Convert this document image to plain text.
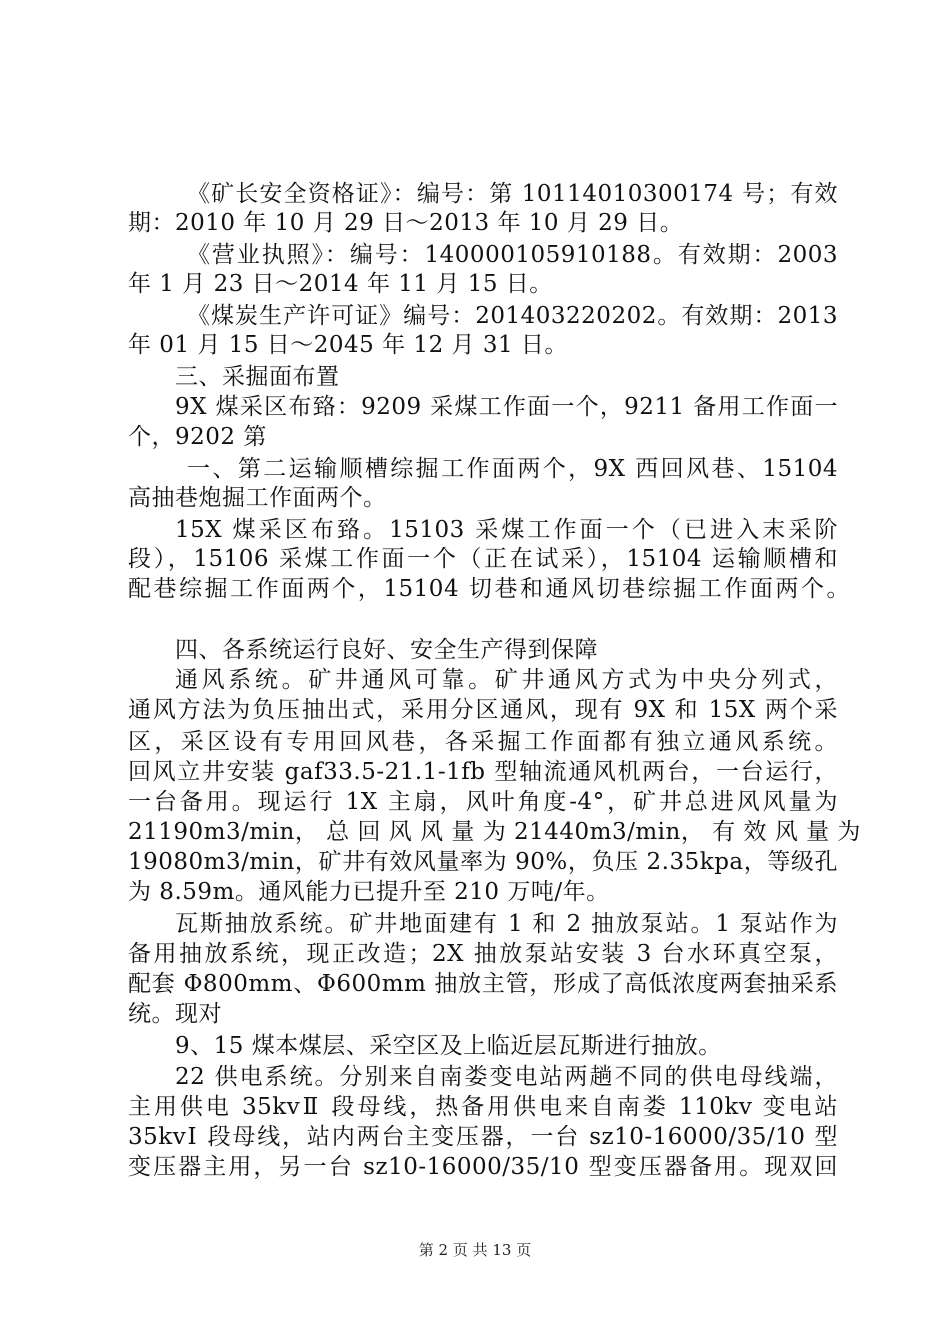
《矿长安全资格证》：编号：第 10114010300174 号；有效
期：2010 年 10 月 29 日～2013 年 10 月 29 日。
《营业执照》：编号：140000105910188。有效期：2003
年 1 月 23 日～2014 年 11 月 15 日。
《煤炭生产许可证》编号：201403220202。有效期：2013
年 01 月 15 日～2045 年 12 月 31 日。
三、采掘面布置
9X 煤采区布臵：9209 采煤工作面一个，9211 备用工作面一
个，9202 第
一、第二运输顺槽综掘工作面两个，9X 西回风巷、15104
高抽巷炮掘工作面两个。
15X 煤采区布臵。15103 采煤工作面一个（已进入末采阶
段），15106 采煤工作面一个（正在试采），15104 运输顺槽和
配巷综掘工作面两个，15104 切巷和通风切巷综掘工作面两个。
四、各系统运行良好、安全生产得到保障
通风系统。矿井通风可靠。矿井通风方式为中央分列式，
通风方法为负压抽出式，采用分区通风，现有 9X 和 15X 两个采
区，采区设有专用回风巷，各采掘工作面都有独立通风系统。
回风立井安装 gaf33.5-21.1-1fb 型轴流通风机两台，一台运行，
一台备用。现运行 1X 主扇，风叶角度-4°，矿井总进风风量为
21190m3/min， 总 回 风 风 量 为 21440m3/min， 有 效 风 量 为
19080m3/min，矿井有效风量率为 90%，负压 2.35kpa，等级孔
为 8.59m。通风能力已提升至 210 万吨/年。
瓦斯抽放系统。矿井地面建有 1 和 2 抽放泵站。1 泵站作为
备用抽放系统，现正改造；2X 抽放泵站安装 3 台水环真空泵，
配套 Φ800mm、Φ600mm 抽放主管，形成了高低浓度两套抽采系
统。现对
9、15 煤本煤层、采空区及上临近层瓦斯进行抽放。
22 供电系统。分别来自南娄变电站两趟不同的供电母线端，
主用供电 35kvⅡ 段母线，热备用供电来自南娄 110kv 变电站
35kvⅠ 段母线，站内两台主变压器，一台 sz10-16000/35/10 型
变压器主用，另一台 sz10-16000/35/10 型变压器备用。现双回
第 2 页 共 13 页
